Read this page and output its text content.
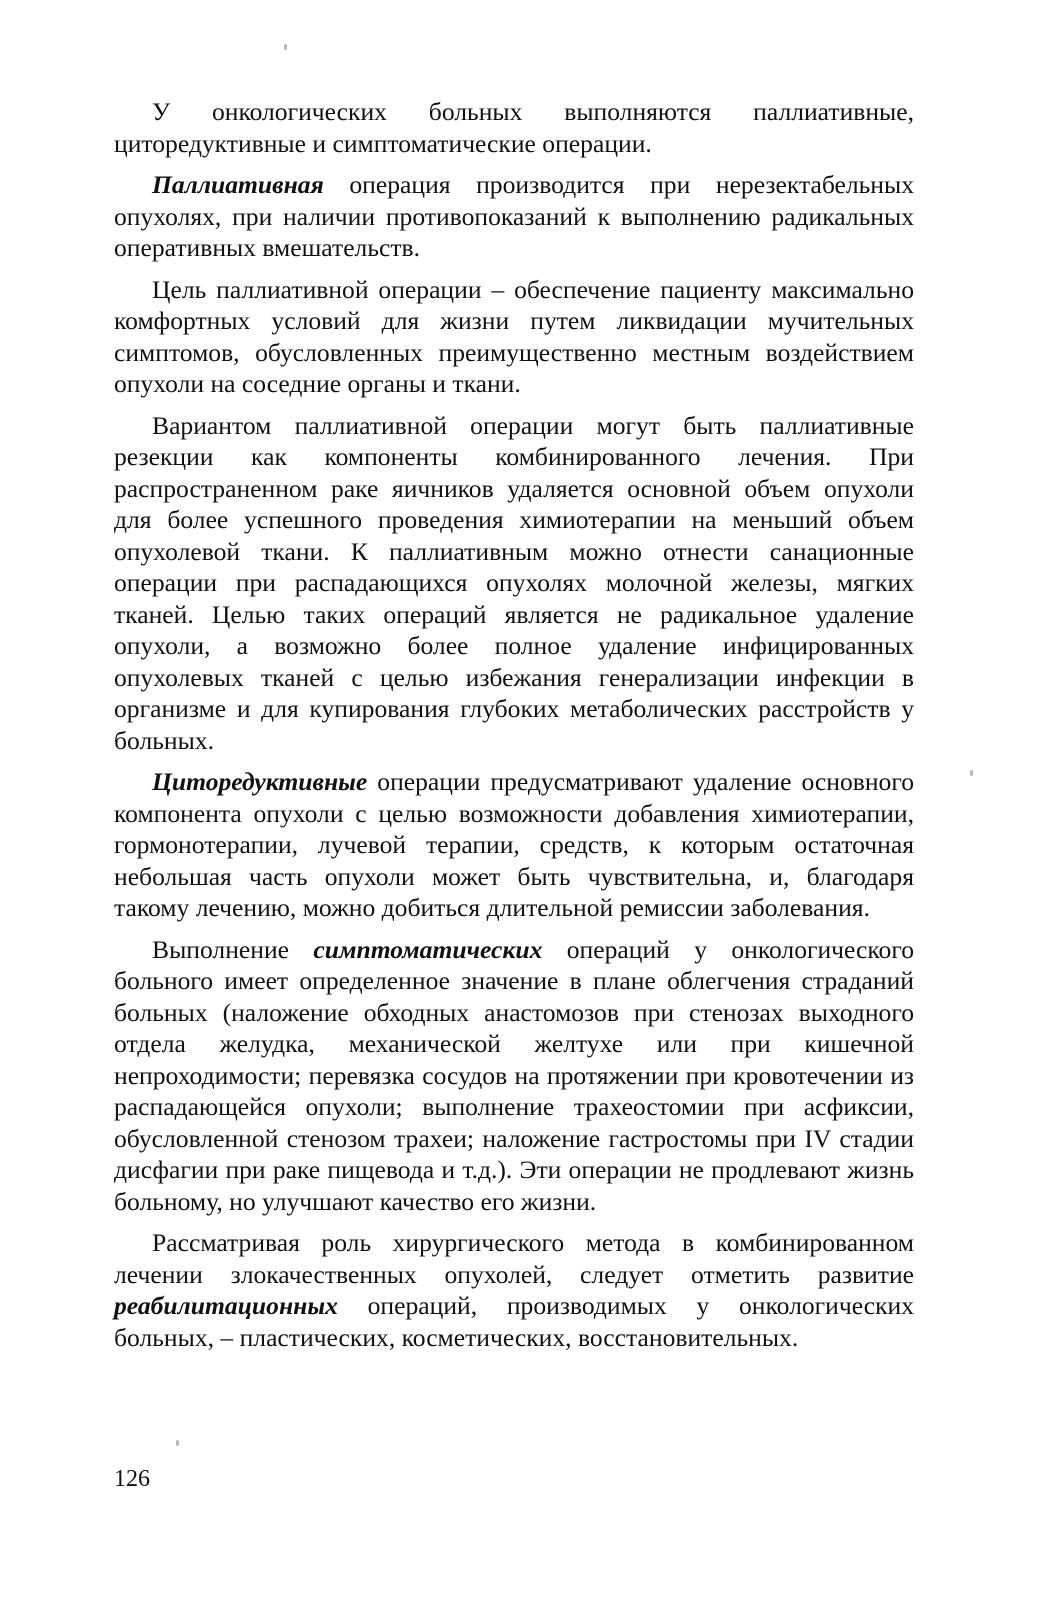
У онкологических больных выполняются паллиативные, циторедуктивные и симптоматические операции.

Паллиативная операция производится при нерезектабельных опухолях, при наличии противопоказаний к выполнению радикальных оперативных вмешательств.

Цель паллиативной операции – обеспечение пациенту максимально комфортных условий для жизни путем ликвидации мучительных симптомов, обусловленных преимущественно местным воздействием опухоли на соседние органы и ткани.

Вариантом паллиативной операции могут быть паллиативные резекции как компоненты комбинированного лечения. При распространенном раке яичников удаляется основной объем опухоли для более успешного проведения химиотерапии на меньший объем опухолевой ткани. К паллиативным можно отнести санационные операции при распадающихся опухолях молочной железы, мягких тканей. Целью таких операций является не радикальное удаление опухоли, а возможно более полное удаление инфицированных опухолевых тканей с целью избежания генерализации инфекции в организме и для купирования глубоких метаболических расстройств у больных.

Циторедуктивные операции предусматривают удаление основного компонента опухоли с целью возможности добавления химиотерапии, гормонотерапии, лучевой терапии, средств, к которым остаточная небольшая часть опухоли может быть чувствительна, и, благодаря такому лечению, можно добиться длительной ремиссии заболевания.

Выполнение симптоматических операций у онкологического больного имеет определенное значение в плане облегчения страданий больных (наложение обходных анастомозов при стенозах выходного отдела желудка, механической желтухе или при кишечной непроходимости; перевязка сосудов на протяжении при кровотечении из распадающейся опухоли; выполнение трахеостомии при асфиксии, обусловленной стенозом трахеи; наложение гастростомы при IV стадии дисфагии при раке пищевода и т.д.). Эти операции не продлевают жизнь больному, но улучшают качество его жизни.

Рассматривая роль хирургического метода в комбинированном лечении злокачественных опухолей, следует отметить развитие реабилитационных операций, производимых у онкологических больных, – пластических, косметических, восстановительных.

126
